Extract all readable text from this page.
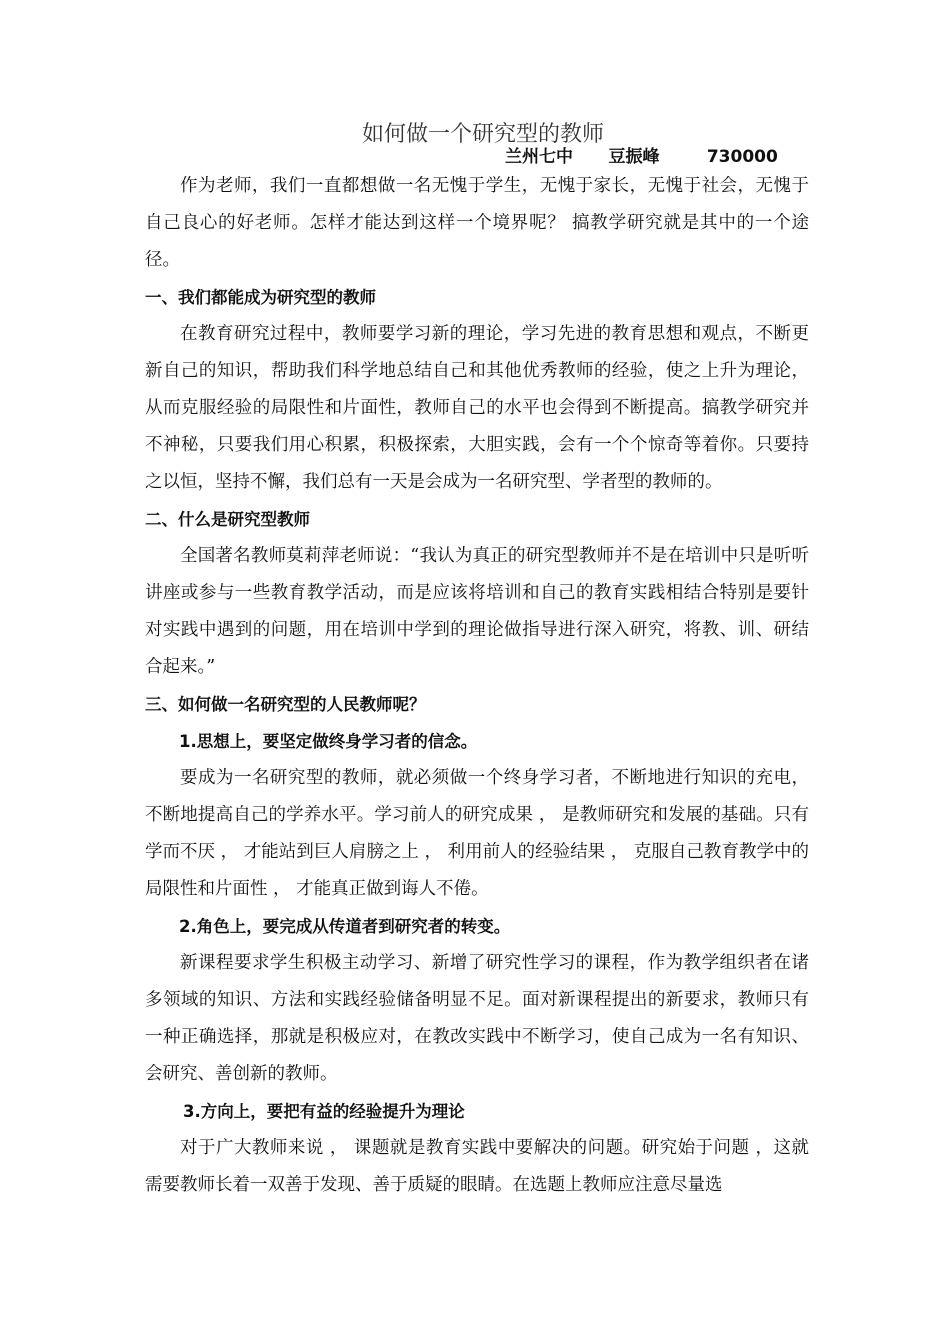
如何做一个研究型的教师

兰州七中      豆振峰        730000

作为老师，我们一直都想做一名无愧于学生，无愧于家长，无愧于社会，无愧于自己良心的好老师。怎样才能达到这样一个境界呢？ 搞教学研究就是其中的一个途径。

一、我们都能成为研究型的教师

在教育研究过程中，教师要学习新的理论，学习先进的教育思想和观点，不断更新自己的知识，帮助我们科学地总结自己和其他优秀教师的经验，使之上升为理论，从而克服经验的局限性和片面性，教师自己的水平也会得到不断提高。搞教学研究并不神秘，只要我们用心积累，积极探索，大胆实践，会有一个个惊奇等着你。只要持之以恒，坚持不懈，我们总有一天是会成为一名研究型、学者型的教师的。

二、什么是研究型教师

全国著名教师莫莉萍老师说：“我认为真正的研究型教师并不是在培训中只是听听讲座或参与一些教育教学活动，而是应该将培训和自己的教育实践相结合特别是要针对实践中遇到的问题，用在培训中学到的理论做指导进行深入研究，将教、训、研结合起来。”

三、如何做一名研究型的人民教师呢？

1.思想上，要坚定做终身学习者的信念。

要成为一名研究型的教师，就必须做一个终身学习者，不断地进行知识的充电，不断地提高自己的学养水平。学习前人的研究成果 ， 是教师研究和发展的基础。只有学而不厌 ， 才能站到巨人肩膀之上 ， 利用前人的经验结果 ， 克服自己教育教学中的局限性和片面性 ， 才能真正做到诲人不倦。

2.角色上，要完成从传道者到研究者的转变。

新课程要求学生积极主动学习、新增了研究性学习的课程，作为教学组织者在诸多领域的知识、方法和实践经验储备明显不足。面对新课程提出的新要求，教师只有一种正确选择，那就是积极应对，在教改实践中不断学习，使自己成为一名有知识、会研究、善创新的教师。

3.方向上，要把有益的经验提升为理论

对于广大教师来说 ， 课题就是教育实践中要解决的问题。研究始于问题 ，这就需要教师长着一双善于发现、善于质疑的眼睛。在选题上教师应注意尽量选
